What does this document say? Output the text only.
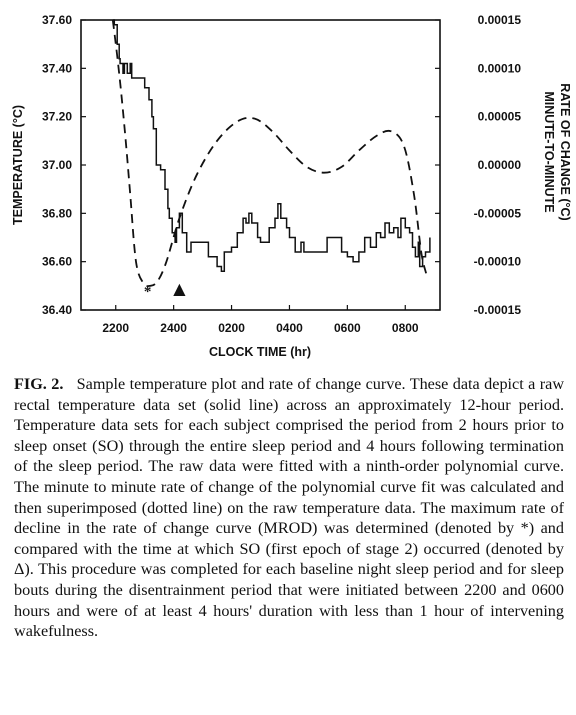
37.60
37.40
37.20
37.00
36.80
36.60
36.40
0.00015
0.00010
0.00005
0.00000
-0.00005
-0.00010
-0.00015
2200	2400	0200	0400	0600	0800
* ▲
CLOCK TIME (hr)
TEMPERATURE (°C)	MINUTE-TO-MINUTE RATE OF CHANGE (°C)

FIG. 2. Sample temperature plot and rate of change curve. These data depict a raw rectal temperature data set (solid line) across an approximately 12-hour period. Temperature data sets for each subject comprised the period from 2 hours prior to sleep onset (SO) through the entire sleep period and 4 hours following termination of the sleep period. The raw data were fitted with a ninth-order polynomial curve. The minute to minute rate of change of the polynomial curve fit was calculated and then superimposed (dotted line) on the raw temperature data. The maximum rate of decline in the rate of change curve (MROD) was determined (denoted by *) and compared with the time at which SO (first epoch of stage 2) occurred (denoted by Δ). This procedure was completed for each baseline night sleep period and for sleep bouts during the disentrainment period that were initiated between 2200 and 0600 hours and were of at least 4 hours' duration with less than 1 hour of intervening wakefulness.
